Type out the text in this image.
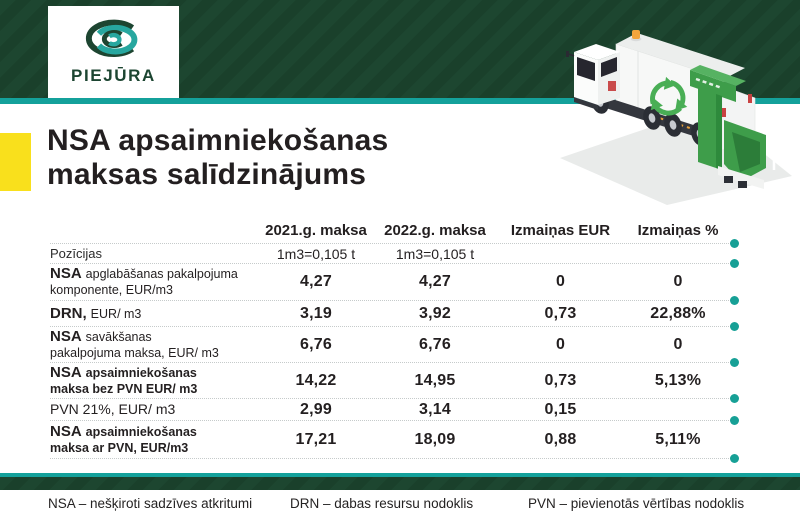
PIEJŪRA
NSA apsaimniekošanas
maksas salīdzinājums
2021.g. maksa	2022.g. maksa	Izmaiņas EUR	Izmaiņas %
Pozīcijas	1m3=0,105 t	1m3=0,105 t
NSA apglabāšanas pakalpojuma
komponente, EUR/m3	4,27	4,27	0	0
DRN, EUR/ m3	3,19	3,92	0,73	22,88%
NSA savākšanas
pakalpojuma maksa, EUR/ m3	6,76	6,76	0	0
NSA apsaimniekošanas
maksa bez PVN EUR/ m3	14,22	14,95	0,73	5,13%
PVN 21%, EUR/ m3	2,99	3,14	0,15
NSA apsaimniekošanas
maksa ar PVN, EUR/m3	17,21	18,09	0,88	5,11%
NSA – nešķiroti sadzīves atkritumi	DRN – dabas resursu nodoklis	PVN – pievienotās vērtības nodoklis
